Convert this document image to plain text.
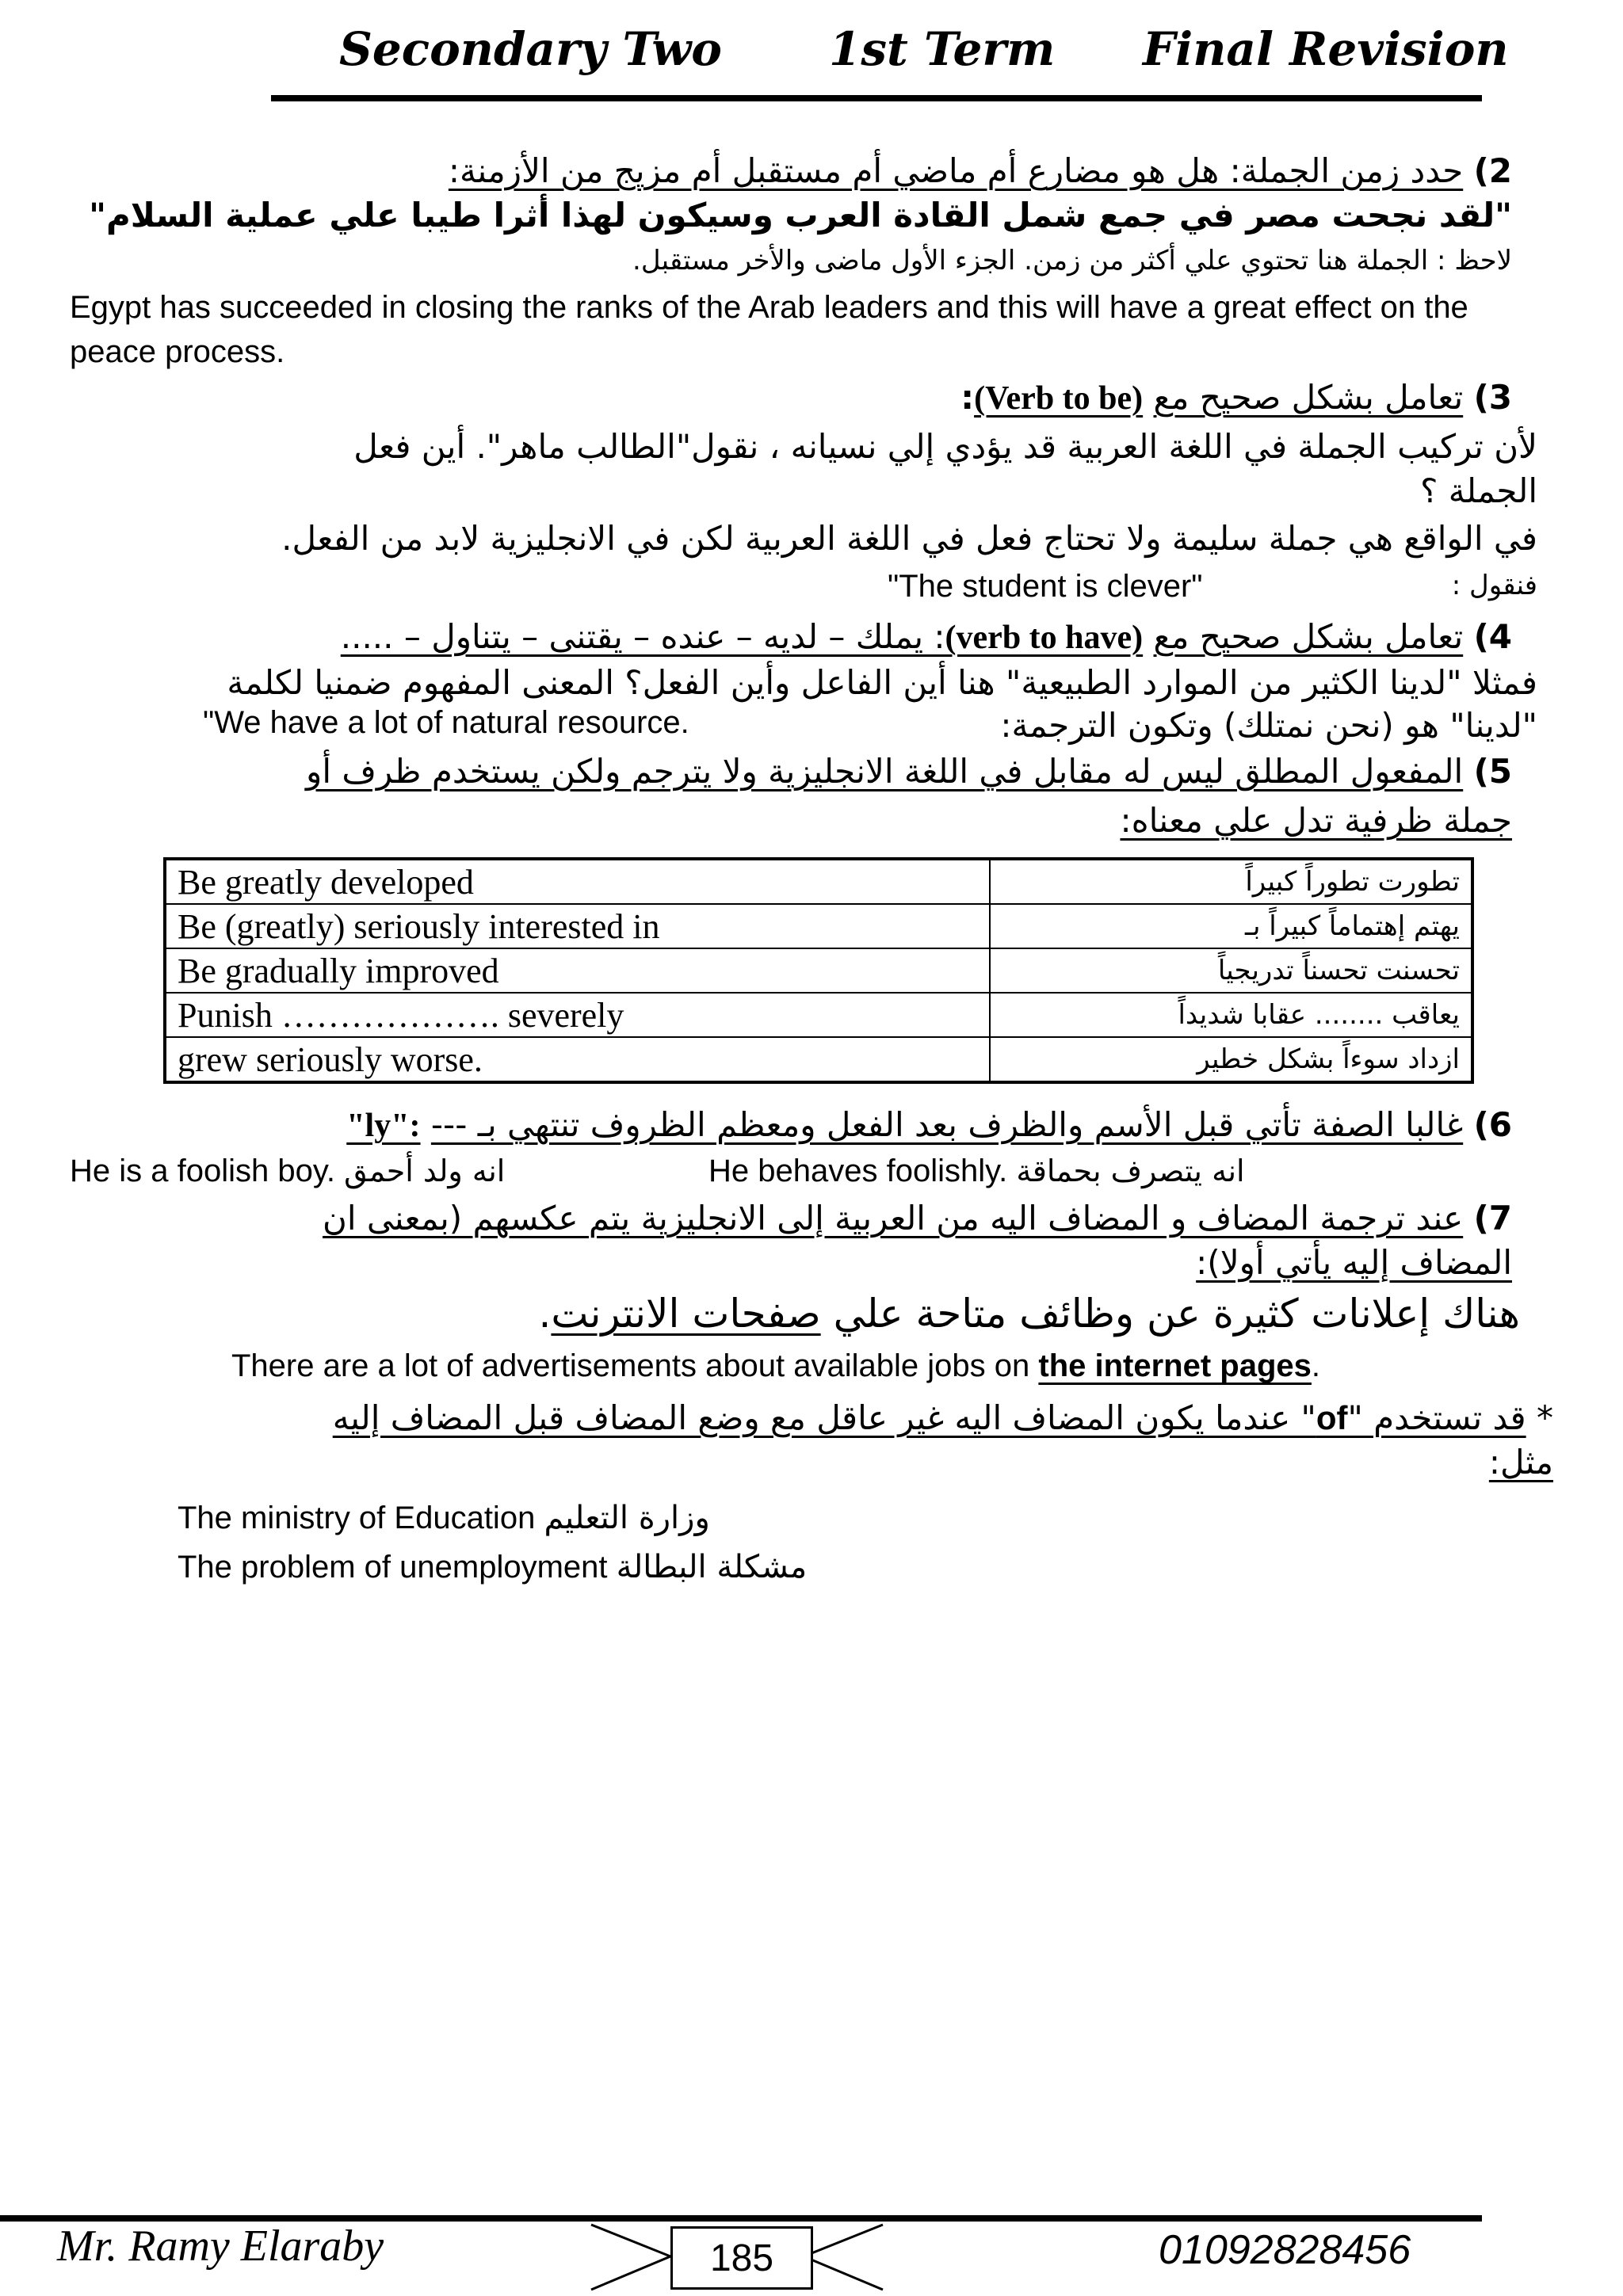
Secondary Two 1st Term Final Revision
2) حدد زمن الجملة: هل هو مضارع أم ماضي أم مستقبل أم مزيج من الأزمنة:
"لقد نجحت مصر في جمع شمل القادة العرب وسيكون لهذا أثرا طيبا علي عملية السلام"
لاحظ : الجملة هنا تحتوي علي أكثر من زمن. الجزء الأول ماضى والأخر مستقبل.
Egypt has succeeded in closing the ranks of the Arab leaders and this will have a great effect on the
peace process.
3) تعامل بشكل صحيح مع (Verb to be):
لأن تركيب الجملة في اللغة العربية قد يؤدي إلي نسيانه ، نقول"الطالب ماهر". أين فعل
الجملة ؟
في الواقع هي جملة سليمة ولا تحتاج فعل في اللغة العربية لكن في الانجليزية لابد من الفعل.
فنقول :
"The student is clever"
4) تعامل بشكل صحيح مع (verb to have): يملك – لديه – عنده – يقتنى – يتناول – .....
فمثلا "لدينا الكثير من الموارد الطبيعية" هنا أين الفاعل وأين الفعل؟ المعنى المفهوم ضمنيا لكلمة
"لدينا" هو (نحن نمتلك) وتكون الترجمة:
"We have a lot of natural resource.
5) المفعول المطلق ليس له مقابل في اللغة الانجليزية ولا يترجم ولكن يستخدم ظرف أو
جملة ظرفية تدل علي معناه:
Be greatly developed	تطورت تطوراً كبيراً
Be (greatly) seriously interested in	يهتم إهتماماً كبيراً بـ
Be gradually improved	تحسنت تحسناً تدريجياً
Punish ………………. severely	يعاقب ........ عقابا شديداً
grew seriously worse.	ازداد سوءاً بشكل خطير
6) غالبا الصفة تأتي قبل الأسم والظرف بعد الفعل ومعظم الظروف تنتهي بـ --- "ly":
He is a foolish boy. انه ولد أحمق	He behaves foolishly. انه يتصرف بحماقة
7) عند ترجمة المضاف و المضاف اليه من العربية إلى الانجليزية يتم عكسهم (بمعنى ان
المضاف إليه يأتي أولا):
هناك إعلانات كثيرة عن وظائف متاحة علي صفحات الانترنت.
There are a lot of advertisements about available jobs on the internet pages.
* قد تستخدم "of" عندما يكون المضاف اليه غير عاقل مع وضع المضاف قبل المضاف إليه
مثل:
The ministry of Education وزارة التعليم
The problem of unemployment مشكلة البطالة
Mr. Ramy Elaraby	185	01092828456
